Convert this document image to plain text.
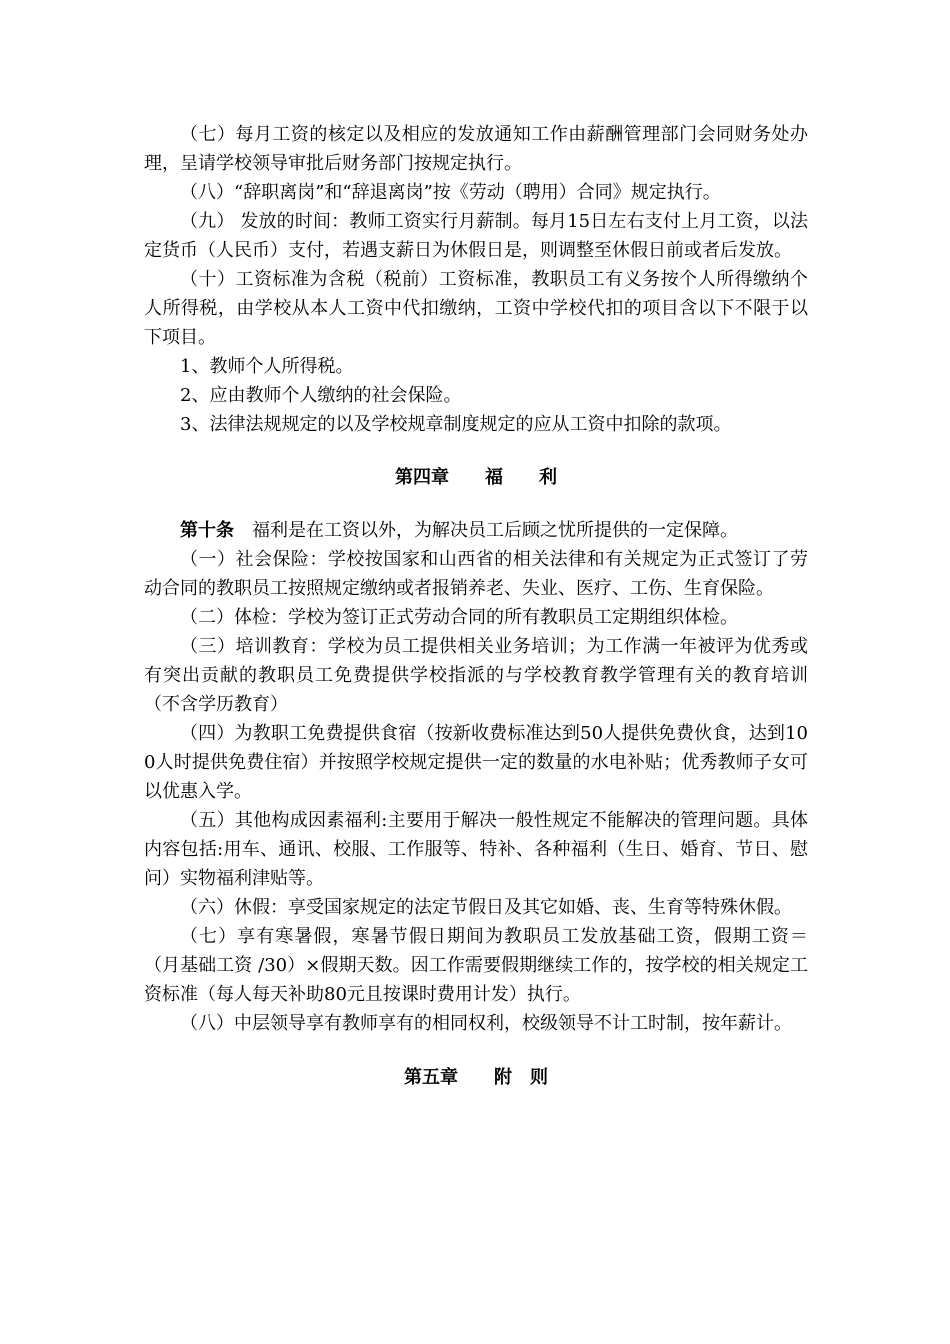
（七）每月工资的核定以及相应的发放通知工作由薪酬管理部门会同财务处办理，呈请学校领导审批后财务部门按规定执行。

（八）“辞职离岗”和“辞退离岗”按《劳动（聘用）合同》规定执行。

（九） 发放的时间：教师工资实行月薪制。每月15日左右支付上月工资，以法定货币（人民币）支付，若遇支薪日为休假日是，则调整至休假日前或者后发放。

（十）工资标准为含税（税前）工资标准，教职员工有义务按个人所得缴纳个人所得税，由学校从本人工资中代扣缴纳，工资中学校代扣的项目含以下不限于以下项目。

1、教师个人所得税。

2、应由教师个人缴纳的社会保险。

3、法律法规规定的以及学校规章制度规定的应从工资中扣除的款项。

第四章　　福　　利

第十条　福利是在工资以外，为解决员工后顾之忧所提供的一定保障。

（一）社会保险：学校按国家和山西省的相关法律和有关规定为正式签订了劳动合同的教职员工按照规定缴纳或者报销养老、失业、医疗、工伤、生育保险。

（二）体检：学校为签订正式劳动合同的所有教职员工定期组织体检。

（三）培训教育：学校为员工提供相关业务培训；为工作满一年被评为优秀或有突出贡献的教职员工免费提供学校指派的与学校教育教学管理有关的教育培训（不含学历教育）

（四）为教职工免费提供食宿（按新收费标准达到50人提供免费伙食，达到100人时提供免费住宿）并按照学校规定提供一定的数量的水电补贴；优秀教师子女可以优惠入学。

（五）其他构成因素福利:主要用于解决一般性规定不能解决的管理问题。具体内容包括:用车、通讯、校服、工作服等、特补、各种福利（生日、婚育、节日、慰问）实物福利津贴等。

（六）休假：享受国家规定的法定节假日及其它如婚、丧、生育等特殊休假。

（七）享有寒暑假，寒暑节假日期间为教职员工发放基础工资，假期工资＝（月基础工资 /30）×假期天数。因工作需要假期继续工作的，按学校的相关规定工资标准（每人每天补助80元且按课时费用计发）执行。

（八）中层领导享有教师享有的相同权利，校级领导不计工时制，按年薪计。

第五章　　附　则
